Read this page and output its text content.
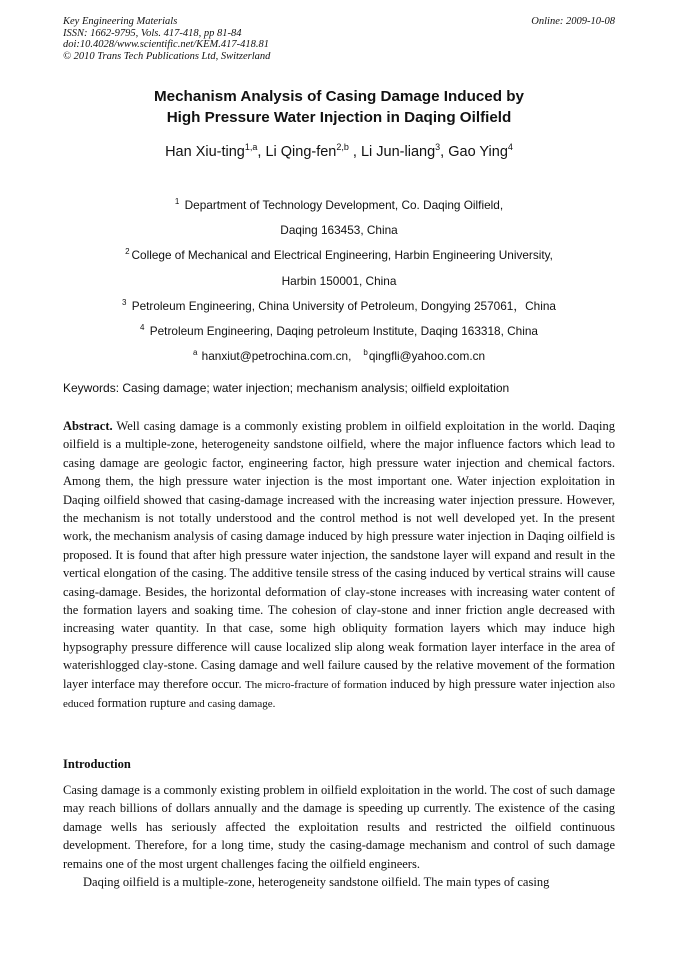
Key Engineering Materials
ISSN: 1662-9795, Vols. 417-418, pp 81-84
doi:10.4028/www.scientific.net/KEM.417-418.81
© 2010 Trans Tech Publications Ltd, Switzerland
Online: 2009-10-08
Mechanism Analysis of Casing Damage Induced by
High Pressure Water Injection in Daqing Oilfield
Han Xiu-ting$^{1,a}$, Li Qing-fen$^{2,b}$ , Li Jun-liang$^3$, Gao Ying$^4$
$^1$ Department of Technology Development, Co. Daqing Oilfield,
Daqing 163453, China
$^2$ College of Mechanical and Electrical Engineering, Harbin Engineering University,
Harbin 150001, China
$^3$ Petroleum Engineering, China University of Petroleum, Dongying 257061，China
$^4$ Petroleum Engineering, Daqing petroleum Institute, Daqing 163318, China
$^a$ hanxiut@petrochina.com.cn, $^b$qingfli@yahoo.com.cn
Keywords: Casing damage; water injection; mechanism analysis; oilfield exploitation
Abstract. Well casing damage is a commonly existing problem in oilfield exploitation in the world. Daqing oilfield is a multiple-zone, heterogeneity sandstone oilfield, where the major influence factors which lead to casing damage are geologic factor, engineering factor, high pressure water injection and chemical factors. Among them, the high pressure water injection is the most important one. Water injection exploitation in Daqing oilfield showed that casing-damage increased with the increasing water injection pressure. However, the mechanism is not totally understood and the control method is not well developed yet. In the present work, the mechanism analysis of casing damage induced by high pressure water injection in Daqing oilfield is proposed. It is found that after high pressure water injection, the sandstone layer will expand and result in the vertical elongation of the casing. The additive tensile stress of the casing induced by vertical strains will cause casing-damage. Besides, the horizontal deformation of clay-stone increases with increasing water content of the formation layers and soaking time. The cohesion of clay-stone and inner friction angle decreased with increasing water quantity. In that case, some high obliquity formation layers which may induce high hypsography pressure difference will cause localized slip along weak formation layer interface in the area of waterishlogged clay-stone. Casing damage and well failure caused by the relative movement of the formation layer interface may therefore occur. The micro-fracture of formation induced by high pressure water injection also educed formation rupture and casing damage.
Introduction

Casing damage is a commonly existing problem in oilfield exploitation in the world. The cost of such damage may reach billions of dollars annually and the damage is speeding up currently. The existence of the casing damage wells has seriously affected the exploitation results and restricted the oilfield continuous development. Therefore, for a long time, study the casing-damage mechanism and control of such damage remains one of the most urgent challenges facing the oilfield engineers.

Daqing oilfield is a multiple-zone, heterogeneity sandstone oilfield. The main types of casing
